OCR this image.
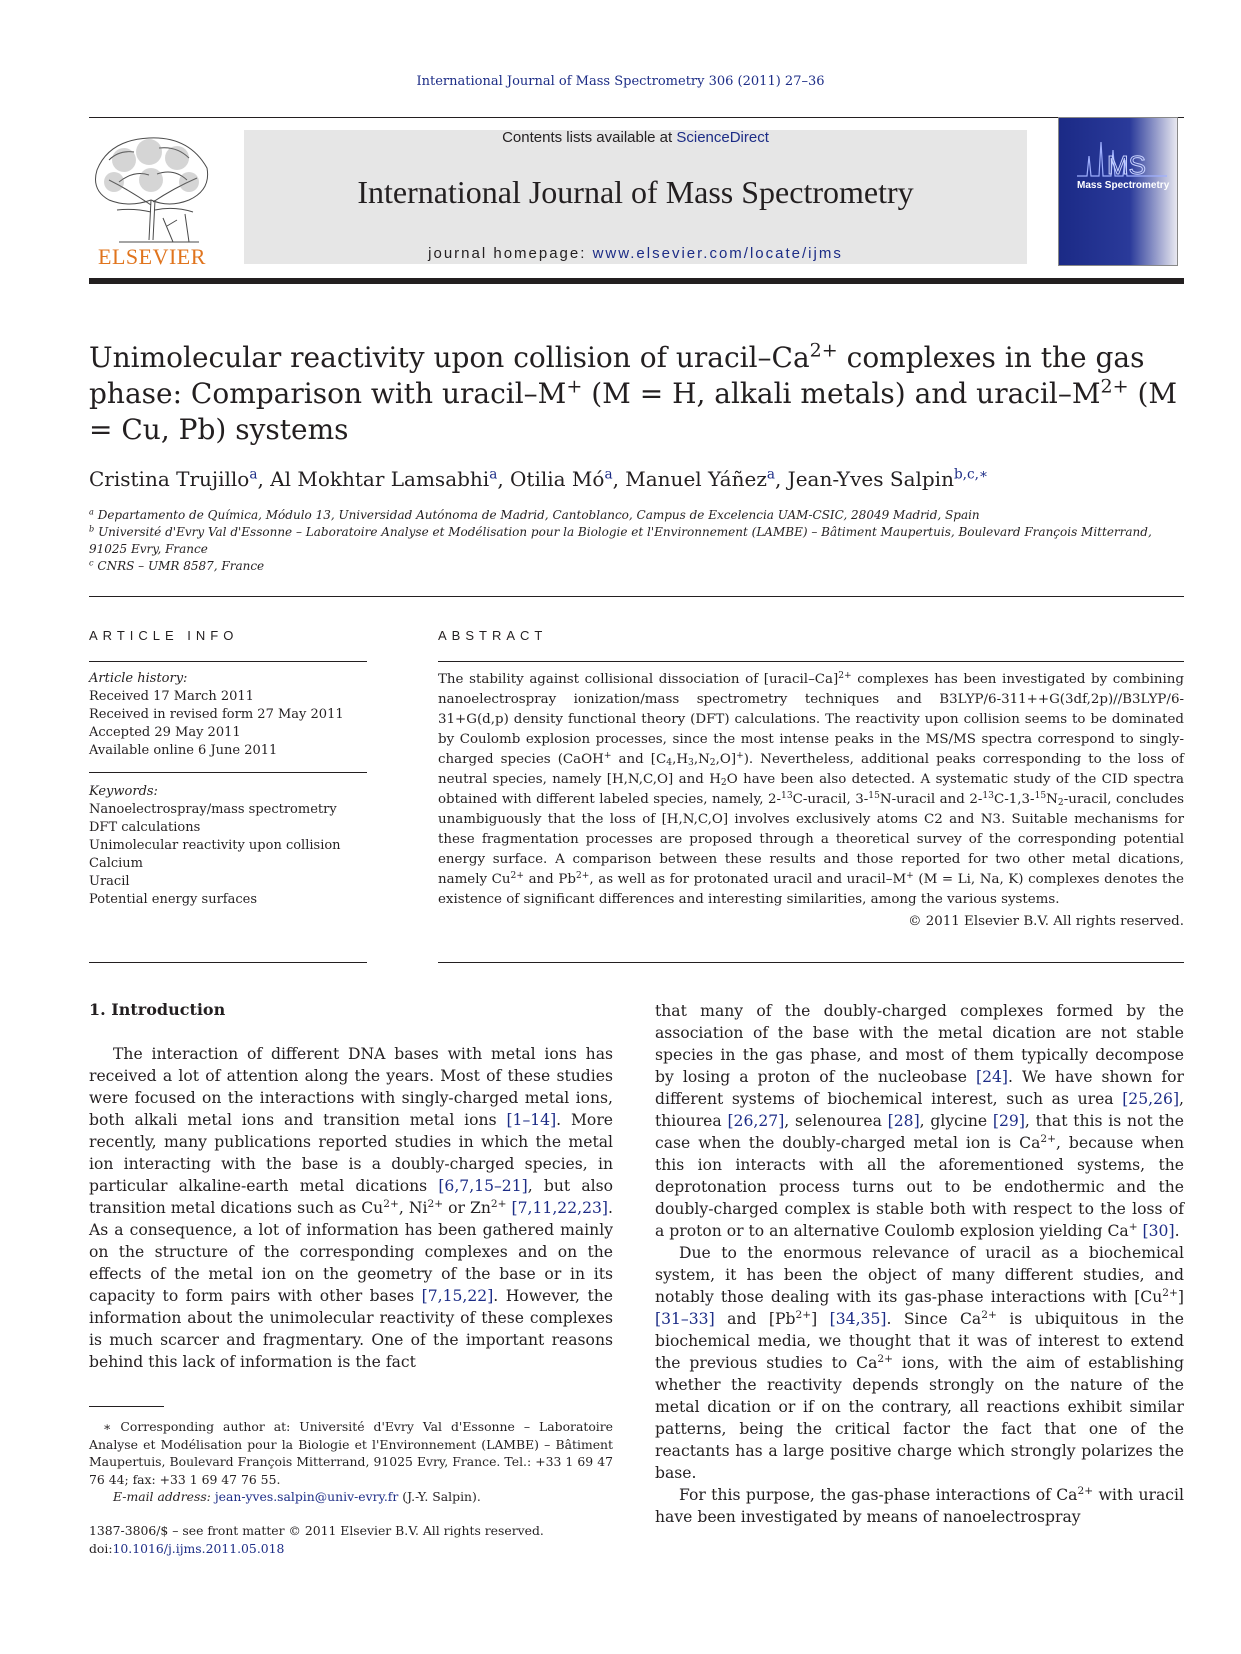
International Journal of Mass Spectrometry 306 (2011) 27–36
ELSEVIER
Contents lists available at ScienceDirect
International Journal of Mass Spectrometry
journal homepage: www.elsevier.com/locate/ijms
MS
Mass Spectrometry
Unimolecular reactivity upon collision of uracil–$Ca^{2+}$ complexes in the gas phase: Comparison with uracil–M+ (M = H, alkali metals) and uracil–$M^{2+}$ (M = Cu, Pb) systems
Cristina Trujillo$^a$, Al Mokhtar Lamsabhi$^a$, Otilia $Mó^a$, Manuel Yáñez$^a$, Jean-Yves Salpin$^{b,c,∗}$
$^a$ Departamento de Química, Módulo 13, Universidad Autónoma de Madrid, Cantoblanco, Campus de Excelencia UAM-CSIC, 28049 Madrid, Spain
$^b$ Université d'Evry Val d'Essonne – Laboratoire Analyse et Modélisation pour la Biologie et l'Environnement (LAMBE) – Bâtiment Maupertuis, Boulevard François Mitterrand, 91025 Evry, France
$^c$ CNRS – UMR 8587, France
ARTICLE INFO	ABSTRACT
Article history:
Received 17 March 2011
Received in revised form 27 May 2011
Accepted 29 May 2011
Available online 6 June 2011
Keywords:
Nanoelectrospray/mass spectrometry
DFT calculations
Unimolecular reactivity upon collision
Calcium
Uracil
Potential energy surfaces
The stability against collisional dissociation of [uracil–Ca]$^{2+}$ complexes has been investigated by combining nanoelectrospray ionization/mass spectrometry techniques and B3LYP/6-311++G(3df,2p)//B3LYP/6-31+G(d,p) density functional theory (DFT) calculations. The reactivity upon collision seems to be dominated by Coulomb explosion processes, since the most intense peaks in the MS/MS spectra correspond to singly-charged species (CaOH+ and $[C_4,H_3,N_2,O]^+$). Nevertheless, additional peaks corresponding to the loss of neutral species, namely [H,N,C,O] and $H_2O$ have been also detected. A systematic study of the CID spectra obtained with different labeled species, namely, 2-$^{13}$C-uracil, 3-$^{15}$N-uracil and $2-^{13}C-1,3-^{15}N_2$-uracil, concludes unambiguously that the loss of [H,N,C,O] involves exclusively atoms C2 and N3. Suitable mechanisms for these fragmentation processes are proposed through a theoretical survey of the corresponding potential energy surface. A comparison between these results and those reported for two other metal dications, namely $Cu^{2+}$ and $Pb^{2+}$, as well as for protonated uracil and uracil–M+ (M = Li, Na, K) complexes denotes the existence of significant differences and interesting similarities, among the various systems.
© 2011 Elsevier B.V. All rights reserved.
1. Introduction

The interaction of different DNA bases with metal ions has received a lot of attention along the years. Most of these studies were focused on the interactions with singly-charged metal ions, both alkali metal ions and transition metal ions [1–14]. More recently, many publications reported studies in which the metal ion interacting with the base is a doubly-charged species, in particular alkaline-earth metal dications [6,7,15–21], but also transition metal dications such as $Cu^{2+}$, $Ni^{2+}$ or $Zn^{2+}$ [7,11,22,23]. As a consequence, a lot of information has been gathered mainly on the structure of the corresponding complexes and on the effects of the metal ion on the geometry of the base or in its capacity to form pairs with other bases [7,15,22]. However, the information about the unimolecular reactivity of these complexes is much scarcer and fragmentary. One of the important reasons behind this lack of information is the fact

that many of the doubly-charged complexes formed by the association of the base with the metal dication are not stable species in the gas phase, and most of them typically decompose by losing a proton of the nucleobase [24]. We have shown for different systems of biochemical interest, such as urea [25,26], thiourea [26,27], selenourea [28], glycine [29], that this is not the case when the doubly-charged metal ion is $Ca^{2+}$, because when this ion interacts with all the aforementioned systems, the deprotonation process turns out to be endothermic and the doubly-charged complex is stable both with respect to the loss of a proton or to an alternative Coulomb explosion yielding Ca+ [30].

Due to the enormous relevance of uracil as a biochemical system, it has been the object of many different studies, and notably those dealing with its gas-phase interactions with $[Cu^{2+}]$ [31–33] and $[Pb^{2+}]$ [34,35]. Since $Ca^{2+}$ is ubiquitous in the biochemical media, we thought that it was of interest to extend the previous studies to $Ca^{2+}$ ions, with the aim of establishing whether the reactivity depends strongly on the nature of the metal dication or if on the contrary, all reactions exhibit similar patterns, being the critical factor the fact that one of the reactants has a large positive charge which strongly polarizes the base.

For this purpose, the gas-phase interactions of $Ca^{2+}$ with uracil have been investigated by means of nanoelectrospray

∗ Corresponding author at: Université d'Evry Val d'Essonne – Laboratoire Analyse et Modélisation pour la Biologie et l'Environnement (LAMBE) – Bâtiment Maupertuis, Boulevard François Mitterrand, 91025 Evry, France. Tel.: +33 1 69 47 76 44; fax: +33 1 69 47 76 55.
E-mail address: jean-yves.salpin@univ-evry.fr (J.-Y. Salpin).
1387-3806/$ – see front matter © 2011 Elsevier B.V. All rights reserved.
doi:10.1016/j.ijms.2011.05.018
